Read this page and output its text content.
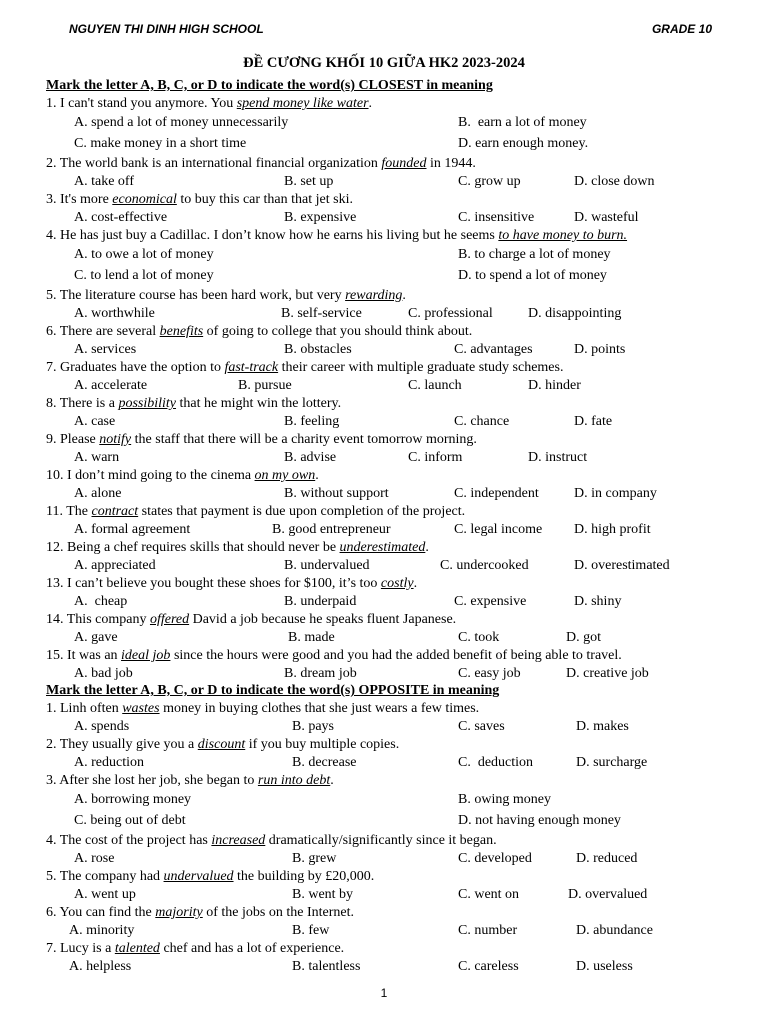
NGUYEN THI DINH HIGH SCHOOL	GRADE 10
ĐỀ CƯƠNG KHỐI 10 GIỮA HK2 2023-2024
Mark the letter A, B, C, or D to indicate the word(s) CLOSEST in meaning
1. I can't stand you anymore. You spend money like water.
A. spend a lot of money unnecessarily	B.  earn a lot of money
C. make money in a short time	D. earn enough money.
2. The world bank is an international financial organization founded in 1944.
A. take off	B. set up	C. grow up	D. close down
3. It's more economical to buy this car than that jet ski.
A. cost-effective	B. expensive	C. insensitive	D. wasteful
4. He has just buy a Cadillac. I don’t know how he earns his living but he seems to have money to burn.
A. to owe a lot of money	B. to charge a lot of money
C. to lend a lot of money	D. to spend a lot of money
5. The literature course has been hard work, but very rewarding.
A. worthwhile	B. self-service	C. professional	D. disappointing
6. There are several benefits of going to college that you should think about.
A. services	B. obstacles	C. advantages	D. points
7. Graduates have the option to fast-track their career with multiple graduate study schemes.
A. accelerate	B. pursue	C. launch	D. hinder
8. There is a possibility that he might win the lottery.
A. case	B. feeling	C. chance	D. fate
9. Please notify the staff that there will be a charity event tomorrow morning.
A. warn	B. advise	C. inform	D. instruct
10. I don’t mind going to the cinema on my own.
A. alone	B. without support	C. independent	D. in company
11. The contract states that payment is due upon completion of the project.
A. formal agreement	B. good entrepreneur	C. legal income D. high profit
12. Being a chef requires skills that should never be underestimated.
A. appreciated	B. undervalued	C. undercooked	D. overestimated
13. I can’t believe you bought these shoes for $100, it’s too costly.
A.  cheap	B. underpaid	C. expensive	D. shiny
14. This company offered David a job because he speaks fluent Japanese.
A. gave	B. made	C. took	D. got
15. It was an ideal job since the hours were good and you had the added benefit of being able to travel.
A. bad job	B. dream job	C. easy job	D. creative job
Mark the letter A, B, C, or D to indicate the word(s) OPPOSITE in meaning
1. Linh often wastes money in buying clothes that she just wears a few times.
A. spends	B. pays	C. saves	D. makes
2. They usually give you a discount if you buy multiple copies.
A. reduction	B. decrease	C.  deduction	D. surcharge
3. After she lost her job, she began to run into debt.
A. borrowing money	B. owing money
C. being out of debt	D. not having enough money
4. The cost of the project has increased dramatically/significantly since it began.
A. rose	B. grew	C. developed	D. reduced
5. The company had undervalued the building by £20,000.
A. went up	B. went by	C. went on	D. overvalued
6. You can find the majority of the jobs on the Internet.
A. minority	B. few	C. number	D. abundance
7. Lucy is a talented chef and has a lot of experience.
A. helpless	B. talentless	C. careless	D. useless
1
